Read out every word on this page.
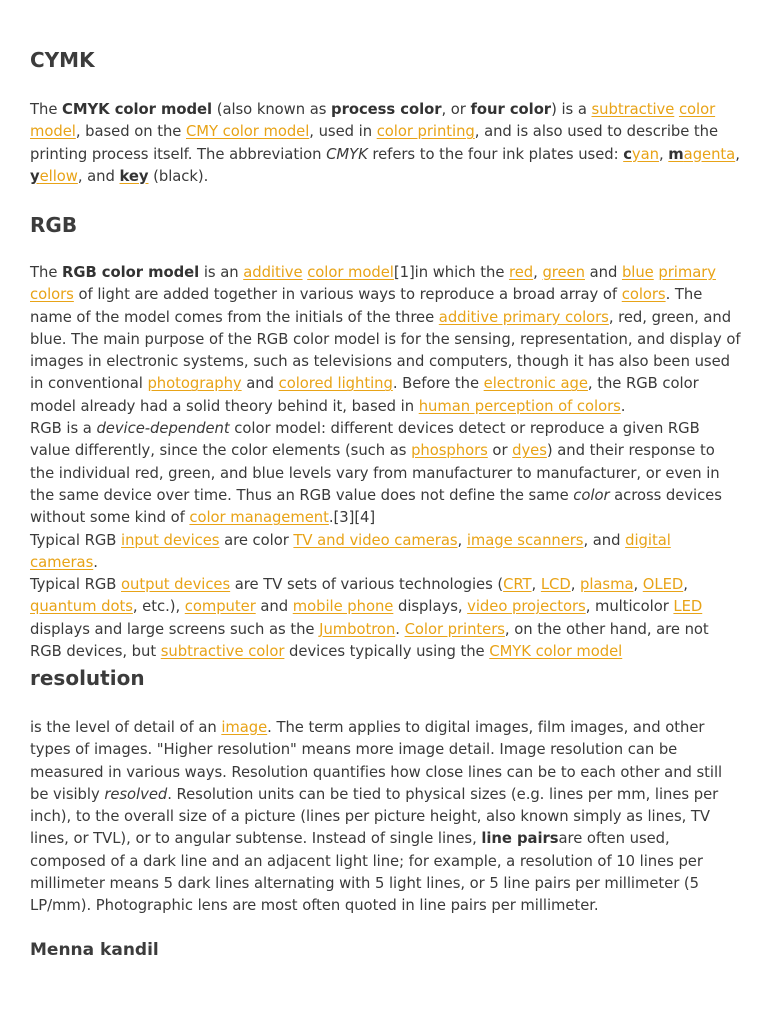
CYMK

The CMYK color model (also known as process color, or four color) is a subtractive color model, based on the CMY color model, used in color printing, and is also used to describe the printing process itself. The abbreviation CMYK refers to the four ink plates used: cyan, magenta, yellow, and key (black).

RGB

The RGB color model is an additive color model[1]in which the red, green and blue primary colors of light are added together in various ways to reproduce a broad array of colors. The name of the model comes from the initials of the three additive primary colors, red, green, and blue. The main purpose of the RGB color model is for the sensing, representation, and display of images in electronic systems, such as televisions and computers, though it has also been used in conventional photography and colored lighting. Before the electronic age, the RGB color model already had a solid theory behind it, based in human perception of colors.

RGB is a device-dependent color model: different devices detect or reproduce a given RGB value differently, since the color elements (such as phosphors or dyes) and their response to the individual red, green, and blue levels vary from manufacturer to manufacturer, or even in the same device over time. Thus an RGB value does not define the same color across devices without some kind of color management.[3][4]

Typical RGB input devices are color TV and video cameras, image scanners, and digital cameras.

Typical RGB output devices are TV sets of various technologies (CRT, LCD, plasma, OLED, quantum dots, etc.), computer and mobile phone displays, video projectors, multicolor LED displays and large screens such as the Jumbotron. Color printers, on the other hand, are not RGB devices, but subtractive color devices typically using the CMYK color model

resolution

is the level of detail of an image. The term applies to digital images, film images, and other types of images. "Higher resolution" means more image detail. Image resolution can be measured in various ways. Resolution quantifies how close lines can be to each other and still be visibly resolved. Resolution units can be tied to physical sizes (e.g. lines per mm, lines per inch), to the overall size of a picture (lines per picture height, also known simply as lines, TV lines, or TVL), or to angular subtense. Instead of single lines, line pairsare often used, composed of a dark line and an adjacent light line; for example, a resolution of 10 lines per millimeter means 5 dark lines alternating with 5 light lines, or 5 line pairs per millimeter (5 LP/mm). Photographic lens are most often quoted in line pairs per millimeter.

Menna kandil
